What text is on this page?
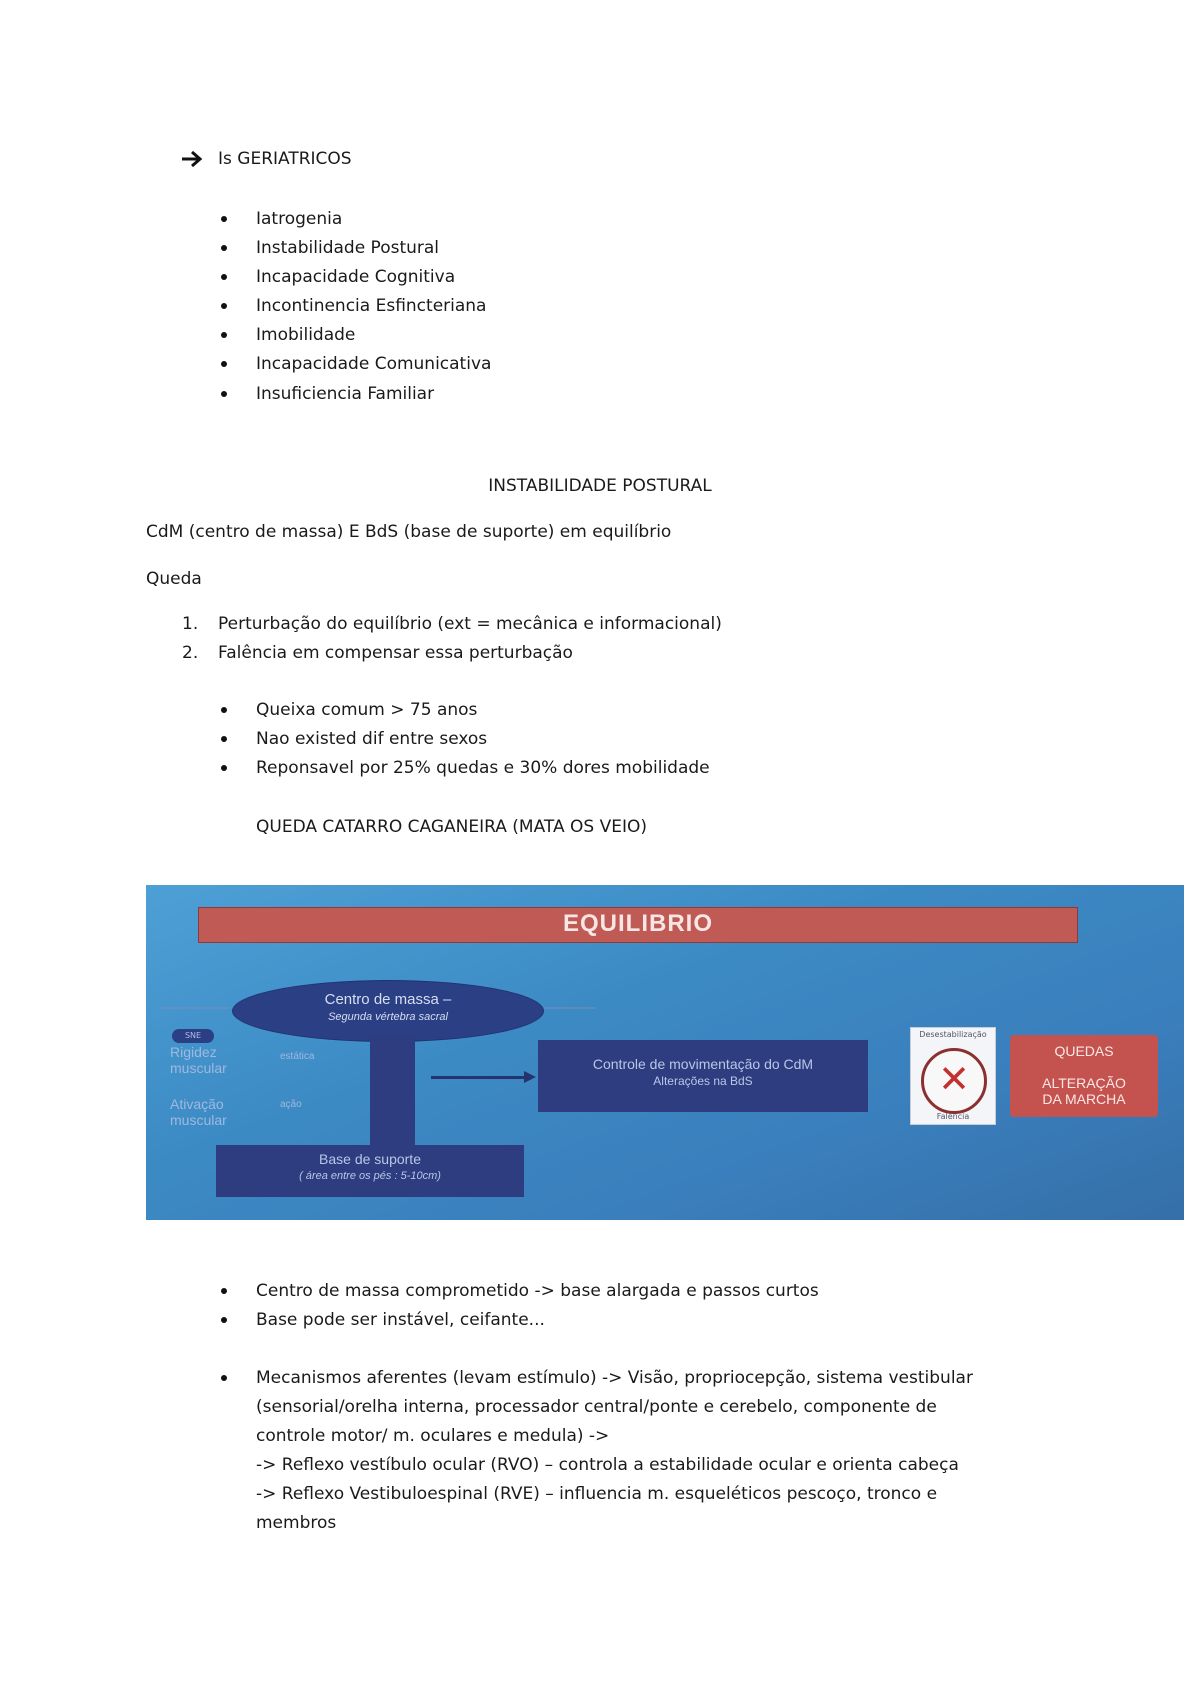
Is GERIATRICOS
Iatrogenia
Instabilidade Postural
Incapacidade Cognitiva
Incontinencia Esfincteriana
Imobilidade
Incapacidade Comunicativa
Insuficiencia Familiar
INSTABILIDADE POSTURAL
CdM (centro de massa) E BdS (base de suporte) em equilíbrio
Queda
1. Perturbação do equilíbrio (ext = mecânica e informacional)
2. Falência em compensar essa perturbação
Queixa comum > 75 anos
Nao existed dif entre sexos
Reponsavel por 25% quedas e 30% dores mobilidade
QUEDA CATARRO CAGANEIRA (MATA OS VEIO)
EQUILIBRIO
Centro de massa –
Segunda vértebra sacral
SNE
Rigidez
muscular
estática
Ativação
muscular
ação
Controle de movimentação do CdM
Alterações na BdS
Base de suporte
( área entre os pés : 5-10cm)
Desestabilização
✕
Falência
QUEDAS
ALTERAÇÃO
DA MARCHA
Centro de massa comprometido -> base alargada e passos curtos
Base pode ser instável, ceifante...
Mecanismos aferentes (levam estímulo) -> Visão, propriocepção, sistema vestibular
(sensorial/orelha interna, processador central/ponte e cerebelo, componente de
controle motor/ m. oculares e medula) ->
-> Reflexo vestíbulo ocular (RVO) – controla a estabilidade ocular e orienta cabeça
-> Reflexo Vestibuloespinal (RVE) – influencia m. esqueléticos pescoço, tronco e
membros
